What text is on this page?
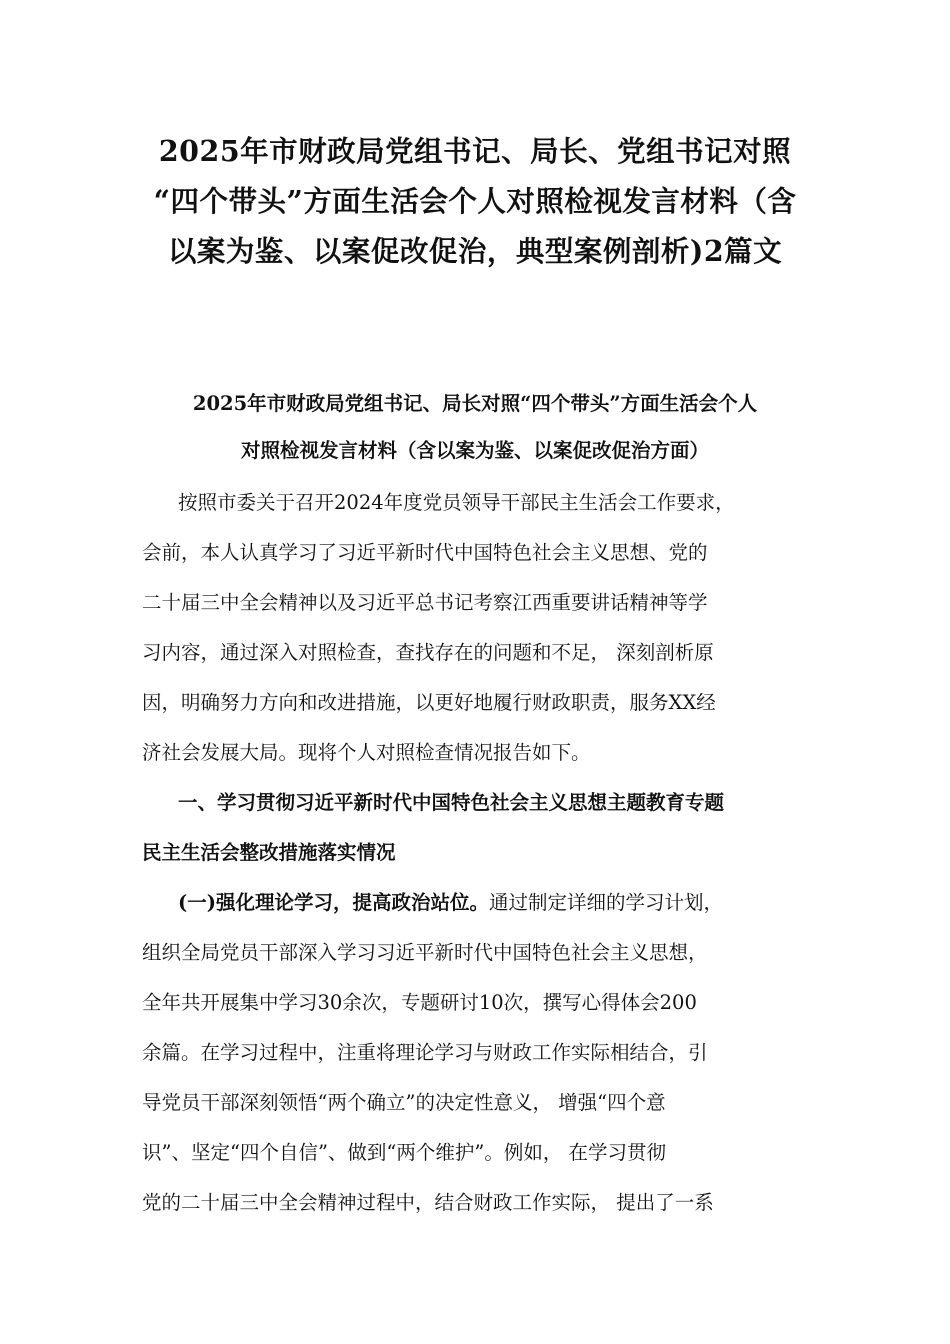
2025年市财政局党组书记、局长、党组书记对照
“四个带头”方面生活会个人对照检视发言材料（含
以案为鉴、以案促改促治，典型案例剖析)2篇文
2025年市财政局党组书记、局长对照“四个带头”方面生活会个人
对照检视发言材料（含以案为鉴、以案促改促治方面）
按照市委关于召开2024年度党员领导干部民主生活会工作要求，
会前，本人认真学习了习近平新时代中国特色社会主义思想、党的
二十届三中全会精神以及习近平总书记考察江西重要讲话精神等学
习内容，通过深入对照检查，查找存在的问题和不足， 深刻剖析原
因，明确努力方向和改进措施，以更好地履行财政职责，服务XX经
济社会发展大局。现将个人对照检查情况报告如下。
一、学习贯彻习近平新时代中国特色社会主义思想主题教育专题
民主生活会整改措施落实情况
(一)强化理论学习，提高政治站位。通过制定详细的学习计划，
组织全局党员干部深入学习习近平新时代中国特色社会主义思想，
全年共开展集中学习30余次，专题研讨10次，撰写心得体会200
余篇。在学习过程中，注重将理论学习与财政工作实际相结合，引
导党员干部深刻领悟“两个确立”的决定性意义， 增强“四个意
识”、坚定“四个自信”、做到“两个维护”。例如， 在学习贯彻
党的二十届三中全会精神过程中，结合财政工作实际， 提出了一系
